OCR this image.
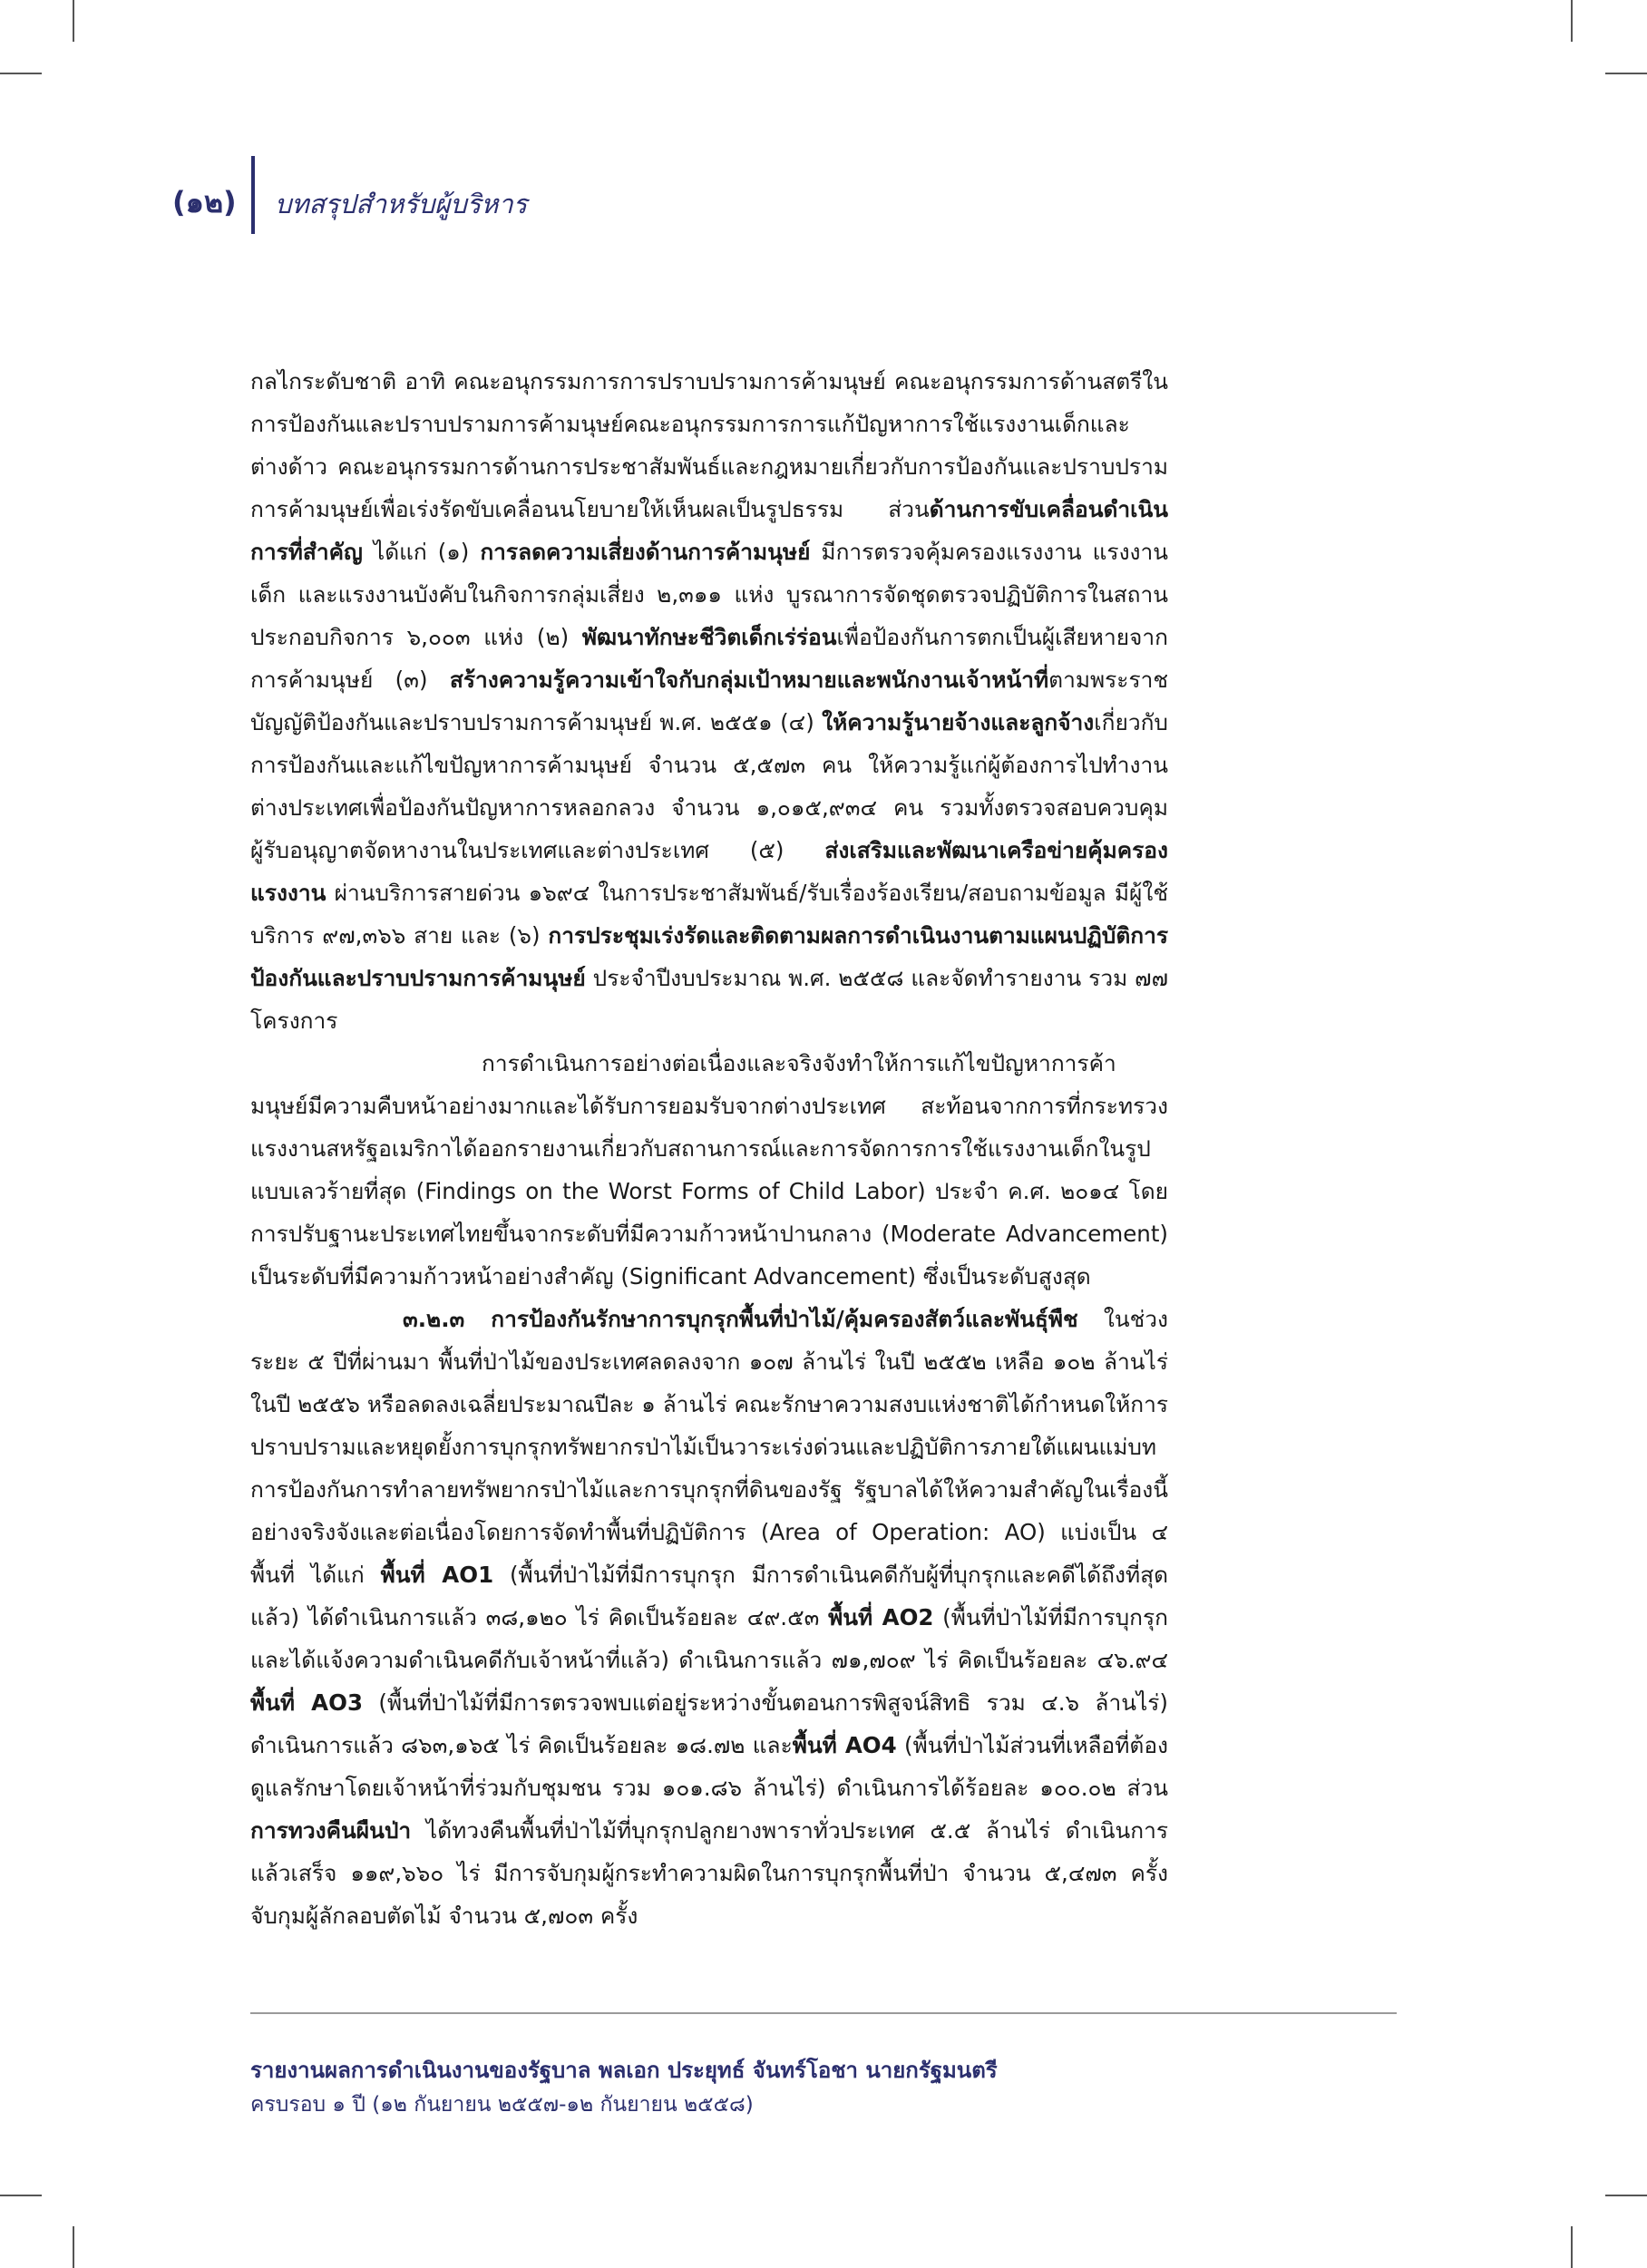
(๑๒) บทสรุปสำหรับผู้บริหาร

กลไกระดับชาติ อาทิ คณะอนุกรรมการการปราบปรามการค้ามนุษย์ คณะอนุกรรมการด้านสตรีในการป้องกันและปราบปรามการค้ามนุษย์คณะอนุกรรมการการแก้ปัญหาการใช้แรงงานเด็กและต่างด้าว คณะอนุกรรมการด้านการประชาสัมพันธ์และกฎหมายเกี่ยวกับการป้องกันและปราบปรามการค้ามนุษย์เพื่อเร่งรัดขับเคลื่อนนโยบายให้เห็นผลเป็นรูปธรรม ส่วนด้านการขับเคลื่อนดำเนินการที่สำคัญ ได้แก่ (๑) การลดความเสี่ยงด้านการค้ามนุษย์ มีการตรวจคุ้มครองแรงงาน แรงงานเด็ก และแรงงานบังคับในกิจการกลุ่มเสี่ยง ๒,๓๑๑ แห่ง บูรณาการจัดชุดตรวจปฏิบัติการในสถานประกอบกิจการ ๖,๐๐๓ แห่ง (๒) พัฒนาทักษะชีวิตเด็กเร่ร่อนเพื่อป้องกันการตกเป็นผู้เสียหายจากการค้ามนุษย์ (๓) สร้างความรู้ความเข้าใจกับกลุ่มเป้าหมายและพนักงานเจ้าหน้าที่ตามพระราชบัญญัติป้องกันและปราบปรามการค้ามนุษย์ พ.ศ. ๒๕๕๑ (๔) ให้ความรู้นายจ้างและลูกจ้างเกี่ยวกับการป้องกันและแก้ไขปัญหาการค้ามนุษย์ จำนวน ๕,๕๗๓ คน ให้ความรู้แก่ผู้ต้องการไปทำงานต่างประเทศเพื่อป้องกันปัญหาการหลอกลวง จำนวน ๑,๐๑๕,๙๓๔ คน รวมทั้งตรวจสอบควบคุมผู้รับอนุญาตจัดหางานในประเทศและต่างประเทศ (๕) ส่งเสริมและพัฒนาเครือข่ายคุ้มครองแรงงาน ผ่านบริการสายด่วน ๑๖๙๔ ในการประชาสัมพันธ์/รับเรื่องร้องเรียน/สอบถามข้อมูล มีผู้ใช้บริการ ๙๗,๓๖๖ สาย และ (๖) การประชุมเร่งรัดและติดตามผลการดำเนินงานตามแผนปฏิบัติการป้องกันและปราบปรามการค้ามนุษย์ ประจำปีงบประมาณ พ.ศ. ๒๕๕๘ และจัดทำรายงาน รวม ๗๗ โครงการ

การดำเนินการอย่างต่อเนื่องและจริงจังทำให้การแก้ไขปัญหาการค้ามนุษย์มีความคืบหน้าอย่างมากและได้รับการยอมรับจากต่างประเทศ สะท้อนจากการที่กระทรวงแรงงานสหรัฐอเมริกาได้ออกรายงานเกี่ยวกับสถานการณ์และการจัดการการใช้แรงงานเด็กในรูปแบบเลวร้ายที่สุด (Findings on the Worst Forms of Child Labor) ประจำ ค.ศ. ๒๐๑๔ โดยการปรับฐานะประเทศไทยขึ้นจากระดับที่มีความก้าวหน้าปานกลาง (Moderate Advancement) เป็นระดับที่มีความก้าวหน้าอย่างสำคัญ (Significant Advancement) ซึ่งเป็นระดับสูงสุด

๓.๒.๓ การป้องกันรักษาการบุกรุกพื้นที่ป่าไม้/คุ้มครองสัตว์และพันธุ์พืช ในช่วงระยะ ๕ ปีที่ผ่านมา พื้นที่ป่าไม้ของประเทศลดลงจาก ๑๐๗ ล้านไร่ ในปี ๒๕๕๒ เหลือ ๑๐๒ ล้านไร่ ในปี ๒๕๕๖ หรือลดลงเฉลี่ยประมาณปีละ ๑ ล้านไร่ คณะรักษาความสงบแห่งชาติได้กำหนดให้การปราบปรามและหยุดยั้งการบุกรุกทรัพยากรป่าไม้เป็นวาระเร่งด่วนและปฏิบัติการภายใต้แผนแม่บทการป้องกันการทำลายทรัพยากรป่าไม้และการบุกรุกที่ดินของรัฐ รัฐบาลได้ให้ความสำคัญในเรื่องนี้อย่างจริงจังและต่อเนื่องโดยการจัดทำพื้นที่ปฏิบัติการ (Area of Operation: AO) แบ่งเป็น ๔ พื้นที่ ได้แก่ พื้นที่ AO1 (พื้นที่ป่าไม้ที่มีการบุกรุก มีการดำเนินคดีกับผู้ที่บุกรุกและคดีได้ถึงที่สุดแล้ว) ได้ดำเนินการแล้ว ๓๘,๑๒๐ ไร่ คิดเป็นร้อยละ ๔๙.๕๓ พื้นที่ AO2 (พื้นที่ป่าไม้ที่มีการบุกรุกและได้แจ้งความดำเนินคดีกับเจ้าหน้าที่แล้ว) ดำเนินการแล้ว ๗๑,๗๐๙ ไร่ คิดเป็นร้อยละ ๔๖.๙๔ พื้นที่ AO3 (พื้นที่ป่าไม้ที่มีการตรวจพบแต่อยู่ระหว่างขั้นตอนการพิสูจน์สิทธิ รวม ๔.๖ ล้านไร่) ดำเนินการแล้ว ๘๖๓,๑๖๕ ไร่ คิดเป็นร้อยละ ๑๘.๗๒ และพื้นที่ AO4 (พื้นที่ป่าไม้ส่วนที่เหลือที่ต้องดูแลรักษาโดยเจ้าหน้าที่ร่วมกับชุมชน รวม ๑๐๑.๘๖ ล้านไร่) ดำเนินการได้ร้อยละ ๑๐๐.๐๒ ส่วนการทวงคืนผืนป่า ได้ทวงคืนพื้นที่ป่าไม้ที่บุกรุกปลูกยางพาราทั่วประเทศ ๕.๕ ล้านไร่ ดำเนินการแล้วเสร็จ ๑๑๙,๖๖๐ ไร่ มีการจับกุมผู้กระทำความผิดในการบุกรุกพื้นที่ป่า จำนวน ๕,๔๗๓ ครั้ง จับกุมผู้ลักลอบตัดไม้ จำนวน ๕,๗๐๓ ครั้ง

รายงานผลการดำเนินงานของรัฐบาล พลเอก ประยุทธ์ จันทร์โอชา นายกรัฐมนตรี
ครบรอบ ๑ ปี (๑๒ กันยายน ๒๕๕๗-๑๒ กันยายน ๒๕๕๘)
